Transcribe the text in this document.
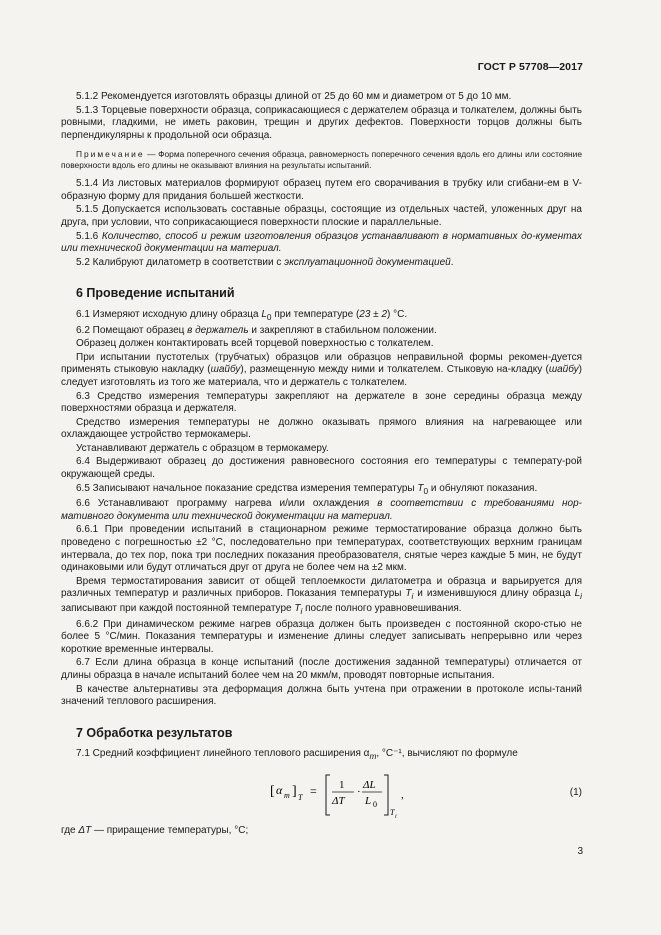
ГОСТ Р 57708—2017

5.1.2 Рекомендуется изготовлять образцы длиной от 25 до 60 мм и диаметром от 5 до 10 мм.

5.1.3 Торцевые поверхности образца, соприкасающиеся с держателем образца и толкателем, должны быть ровными, гладкими, не иметь раковин, трещин и других дефектов. Поверхности торцов должны быть перпендикулярны к продольной оси образца.

Примечание — Форма поперечного сечения образца, равномерность поперечного сечения вдоль его длины или состояние поверхности вдоль его длины не оказывают влияния на результаты испытаний.

5.1.4 Из листовых материалов формируют образец путем его сворачивания в трубку или сгибани-ем в V-образную форму для придания большей жесткости.

5.1.5 Допускается использовать составные образцы, состоящие из отдельных частей, уложенных друг на друга, при условии, что соприкасающиеся поверхности плоские и параллельные.

5.1.6 Количество, способ и режим изготовления образцов устанавливают в нормативных до-кументах или технической документации на материал.

5.2 Калибруют дилатометр в соответствии с эксплуатационной документацией.

6 Проведение испытаний

6.1 Измеряют исходную длину образца $L_0$ при температуре (23 ± 2) °C.

6.2 Помещают образец в держатель и закрепляют в стабильном положении.

Образец должен контактировать всей торцевой поверхностью с толкателем.

При испытании пустотелых (трубчатых) образцов или образцов неправильной формы рекомен-дуется применять стыковую накладку (шайбу), размещенную между ними и толкателем. Стыковую на-кладку (шайбу) следует изготовлять из того же материала, что и держатель с толкателем.

6.3 Средство измерения температуры закрепляют на держателе в зоне середины образца между поверхностями образца и держателя.

Средство измерения температуры не должно оказывать прямого влияния на нагревающее или охлаждающее устройство термокамеры.

Устанавливают держатель с образцом в термокамеру.

6.4 Выдерживают образец до достижения равновесного состояния его температуры с температу-рой окружающей среды.

6.5 Записывают начальное показание средства измерения температуры $T_0$ и обнуляют показания.

6.6 Устанавливают программу нагрева и/или охлаждения в соответствии с требованиями нор-мативного документа или технической документации на материал.

6.6.1 При проведении испытаний в стационарном режиме термостатирование образца должно быть проведено с погрешностью ±2 °C, последовательно при температурах, соответствующих верхним границам интервала, до тех пор, пока три последних показания преобразователя, снятые через каждые 5 мин, не будут одинаковыми или будут отличаться друг от друга не более чем на ±2 мкм.

Время термостатирования зависит от общей теплоемкости дилатометра и образца и варьируется для различных температур и различных приборов. Показания температуры $T_i$ и изменившуюся длину образца $L_i$ записывают при каждой постоянной температуре $T_i$ после полного уравновешивания.

6.6.2 При динамическом режиме нагрев образца должен быть произведен с постоянной скоро-стью не более 5 °C/мин. Показания температуры и изменение длины следует записывать непрерывно или через короткие временные интервалы.

6.7 Если длина образца в конце испытаний (после достижения заданной температуры) отличается от длины образца в начале испытаний более чем на 20 мкм/м, проводят повторные испытания.

В качестве альтернативы эта деформация должна быть учтена при отражении в протоколе испы-таний значений теплового расширения.

7 Обработка результатов

7.1 Средний коэффициент линейного теплового расширения $\alpha_m$, °C⁻¹, вычисляют по формуле

[ α m ] T = 1
ΔT
·
ΔL
L 0
T i
,	(1)

где ΔT — приращение температуры, °C;

3
